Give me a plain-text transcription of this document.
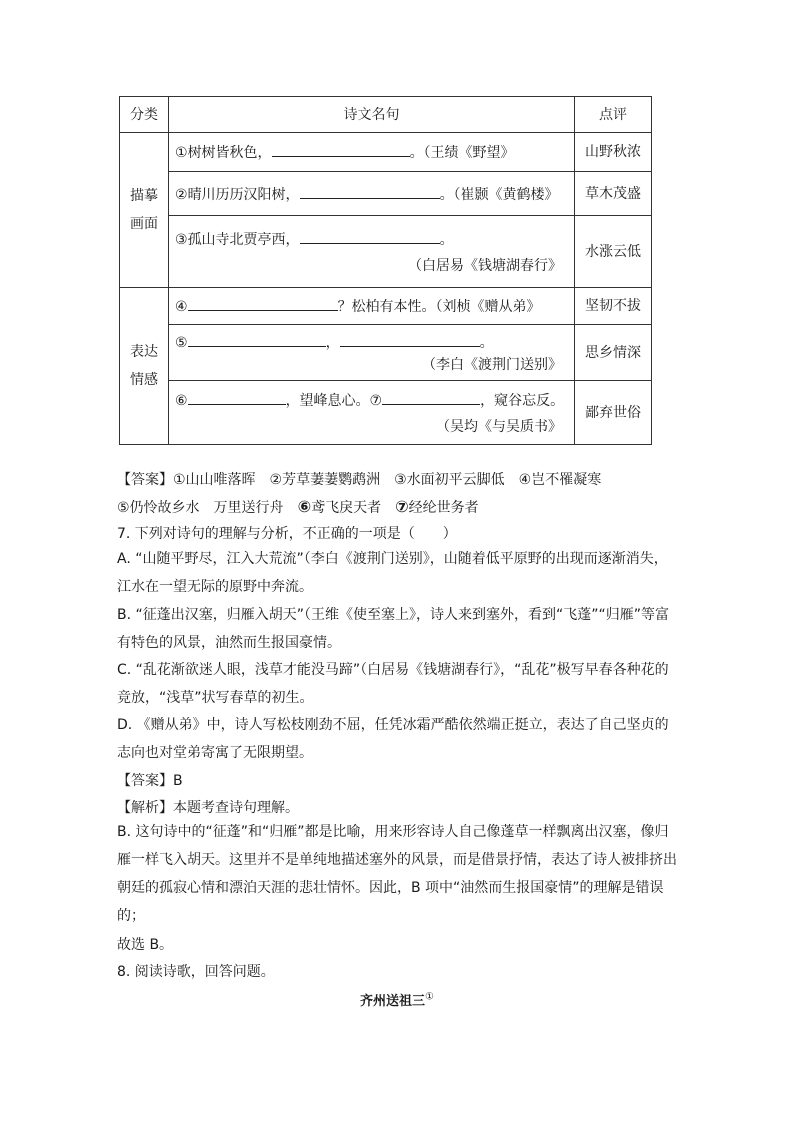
分类	诗文名句	点评
描摹画面	①树树皆秋色， 。（王绩《野望》	山野秋浓
	②晴川历历汉阳树， 。（崔颢《黄鹤楼》	草木茂盛

	③孤山寺北贾亭西， 。
（白居易《钱塘湖春行》	水涨云低
表达情感	④ ？松柏有本性。（刘桢《赠从弟》	坚韧不拔

	⑤ ， 。
（李白《渡荆门送别》	思乡情深

	⑥ ，望峰息心。⑦ ，窥谷忘反。
（吴均《与吴质书》	鄙弃世俗
【答案】①山山唯落晖　②芳草萋萋鹦鹉洲　③水面初平云脚低　④岂不罹凝寒
⑤仍怜故乡水　万里送行舟　⑥鸢飞戾天者　⑦经纶世务者
7. 下列对诗句的理解与分析，不正确的一项是（　　）
A. “山随平野尽，江入大荒流”（李白《渡荆门送别》，山随着低平原野的出现而逐渐消失，江水在一望无际的原野中奔流。
B. “征蓬出汉塞，归雁入胡天”（王维《使至塞上》，诗人来到塞外，看到“飞蓬”“归雁”等富有特色的风景，油然而生报国豪情。
C. “乱花渐欲迷人眼，浅草才能没马蹄”（白居易《钱塘湖春行》，“乱花”极写早春各种花的竞放，“浅草”状写春草的初生。
D. 《赠从弟》中，诗人写松枝刚劲不屈，任凭冰霜严酷依然端正挺立，表达了自己坚贞的志向也对堂弟寄寓了无限期望。
【答案】B
【解析】本题考查诗句理解。
B. 这句诗中的“征蓬”和“归雁”都是比喻，用来形容诗人自己像蓬草一样飘离出汉塞，像归雁一样飞入胡天。这里并不是单纯地描述塞外的风景，而是借景抒情，表达了诗人被排挤出朝廷的孤寂心情和漂泊天涯的悲壮情怀。因此，B 项中“油然而生报国豪情”的理解是错误的；
故选 B。
8. 阅读诗歌，回答问题。
齐州送祖三①
